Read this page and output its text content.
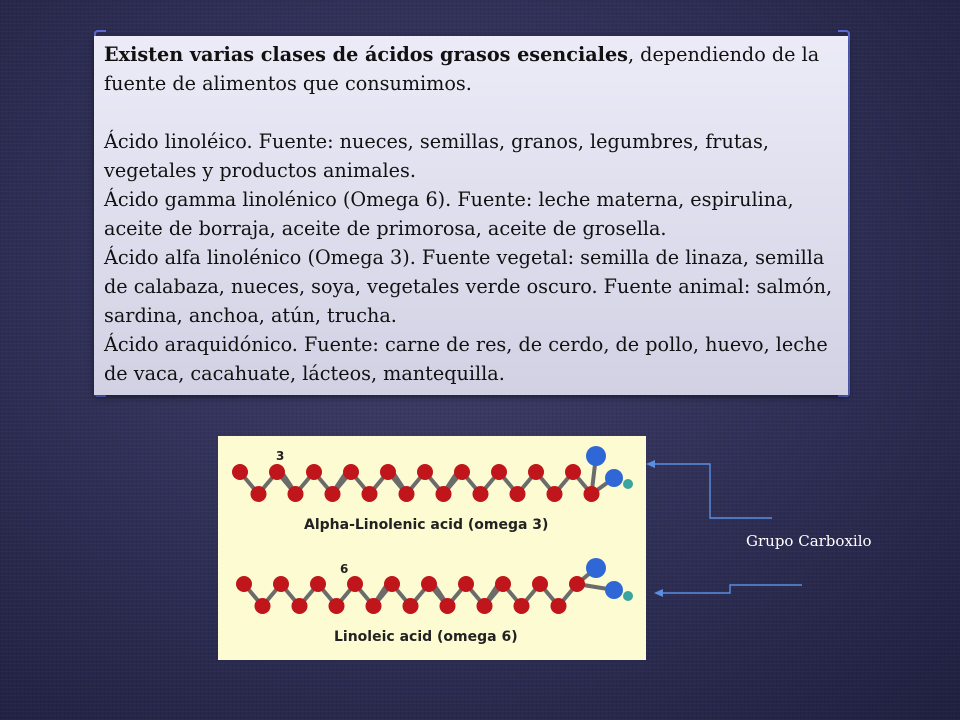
Existen varias clases de ácidos grasos esenciales, dependiendo de la fuente de alimentos que consumimos.

Ácido linoléico. Fuente: nueces, semillas, granos, legumbres, frutas, vegetales y productos animales.

Ácido gamma linolénico (Omega 6). Fuente: leche materna, espirulina, aceite de borraja, aceite de primorosa, aceite de grosella.

Ácido alfa linolénico (Omega 3). Fuente vegetal: semilla de linaza, semilla de calabaza, nueces, soya, vegetales verde oscuro. Fuente animal: salmón, sardina, anchoa, atún, trucha.

Ácido araquidónico. Fuente: carne de res, de cerdo, de pollo, huevo, leche de vaca, cacahuate, lácteos, mantequilla.

3
Alpha-Linolenic acid (omega 3)
6
Linoleic acid (omega 6)
Grupo Carboxilo
